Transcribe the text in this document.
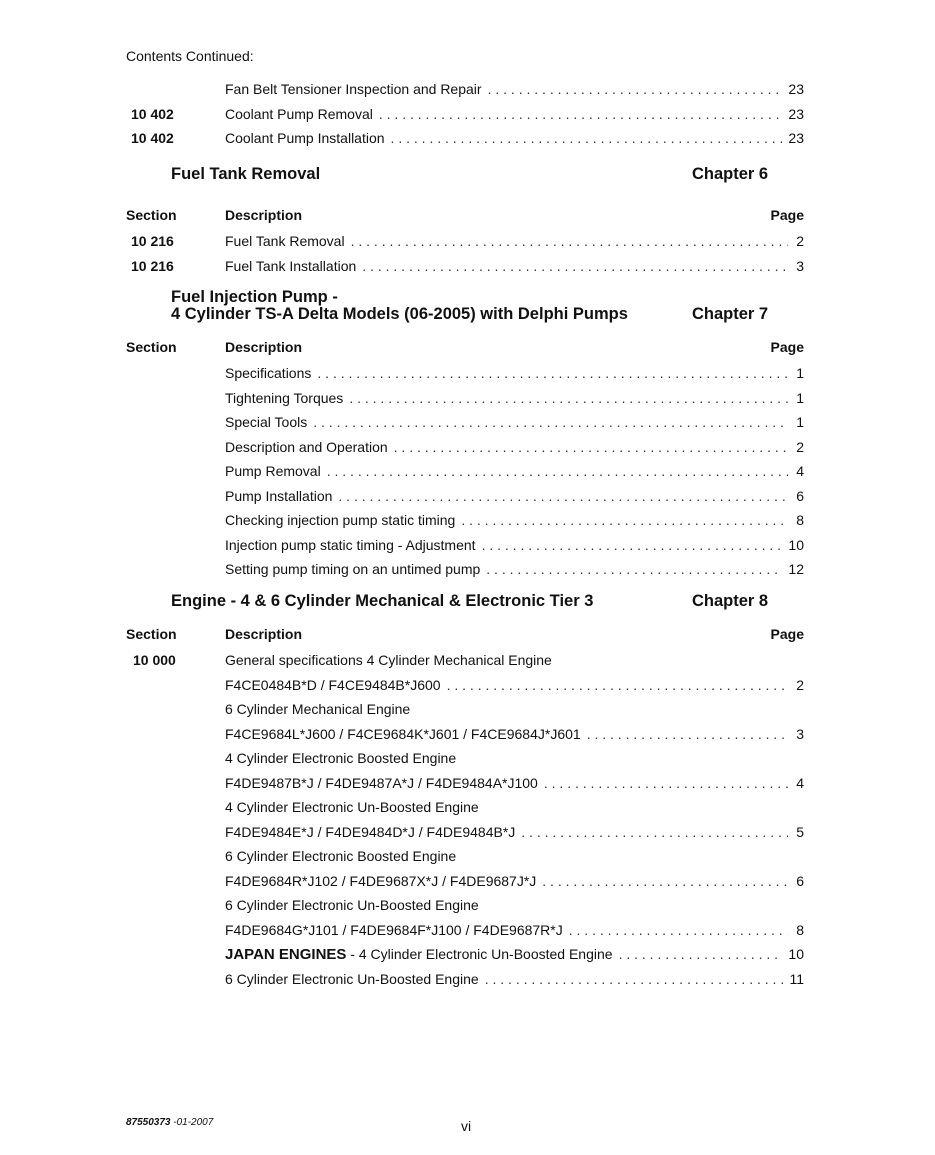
Contents Continued:
Fan Belt Tensioner Inspection and Repair . . .	23
10 402	Coolant Pump Removal . . .	23
10 402	Coolant Pump Installation . . .	23
Fuel Tank Removal	Chapter 6
Section	Description	Page
10 216	Fuel Tank Removal . . .	2
10 216	Fuel Tank Installation . . .	3
Fuel Injection Pump -
4 Cylinder TS-A Delta Models (06-2005) with Delphi Pumps	Chapter 7
Section	Description	Page
Specifications . . .	1
Tightening Torques . . .	1
Special Tools . . .	1
Description and Operation . . .	2
Pump Removal . . .	4
Pump Installation . . .	6
Checking injection pump static timing . . .	8
Injection pump static timing - Adjustment . . .	10
Setting pump timing on an untimed pump . . .	12
Engine - 4 & 6 Cylinder Mechanical & Electronic Tier 3	Chapter 8
Section	Description	Page
10 000	General specifications 4 Cylinder Mechanical Engine
F4CE0484B*D / F4CE9484B*J600 . . .	2
6 Cylinder Mechanical Engine
F4CE9684L*J600 / F4CE9684K*J601 / F4CE9684J*J601 . . .	3
4 Cylinder Electronic Boosted Engine
F4DE9487B*J / F4DE9487A*J / F4DE9484A*J100 . . .	4
4 Cylinder Electronic Un-Boosted Engine
F4DE9484E*J / F4DE9484D*J / F4DE9484B*J . . .	5
6 Cylinder Electronic Boosted Engine
F4DE9684R*J102 / F4DE9687X*J / F4DE9687J*J . . .	6
6 Cylinder Electronic Un-Boosted Engine
F4DE9684G*J101 / F4DE9684F*J100 / F4DE9687R*J . . .	8
JAPAN ENGINES - 4 Cylinder Electronic Un-Boosted Engine . . .	10
6 Cylinder Electronic Un-Boosted Engine . . .	11
87550373 -01-2007	vi
